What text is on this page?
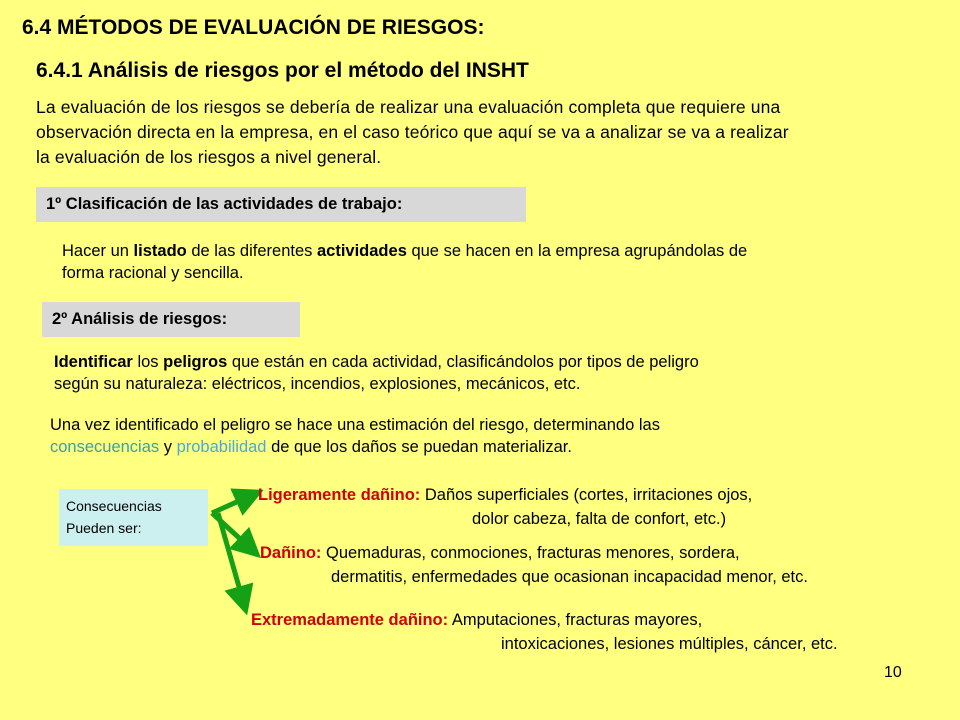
6.4 MÉTODOS DE EVALUACIÓN DE RIESGOS:
6.4.1 Análisis de riesgos por el método del INSHT
La evaluación de los riesgos se debería de realizar una evaluación completa que requiere una
observación directa en la empresa, en el caso teórico que aquí se va a analizar se va a realizar
la evaluación de los riesgos a nivel general.
1º Clasificación de las actividades de trabajo:
Hacer un listado de las diferentes actividades que se hacen en la empresa agrupándolas de
forma racional y sencilla.
2º Análisis de riesgos:
Identificar los peligros que están en cada actividad, clasificándolos por tipos de peligro
según su naturaleza: eléctricos, incendios, explosiones, mecánicos, etc.
Una vez identificado el peligro se hace una estimación del riesgo, determinando las
consecuencias y probabilidad de que los daños se puedan materializar.
Consecuencias
Pueden ser:
Ligeramente dañino: Daños superficiales (cortes, irritaciones ojos,
dolor cabeza, falta de confort, etc.)
Dañino: Quemaduras, conmociones, fracturas menores, sordera,
dermatitis, enfermedades que ocasionan incapacidad menor, etc.
Extremadamente dañino: Amputaciones, fracturas mayores,
intoxicaciones, lesiones múltiples, cáncer, etc.
10
